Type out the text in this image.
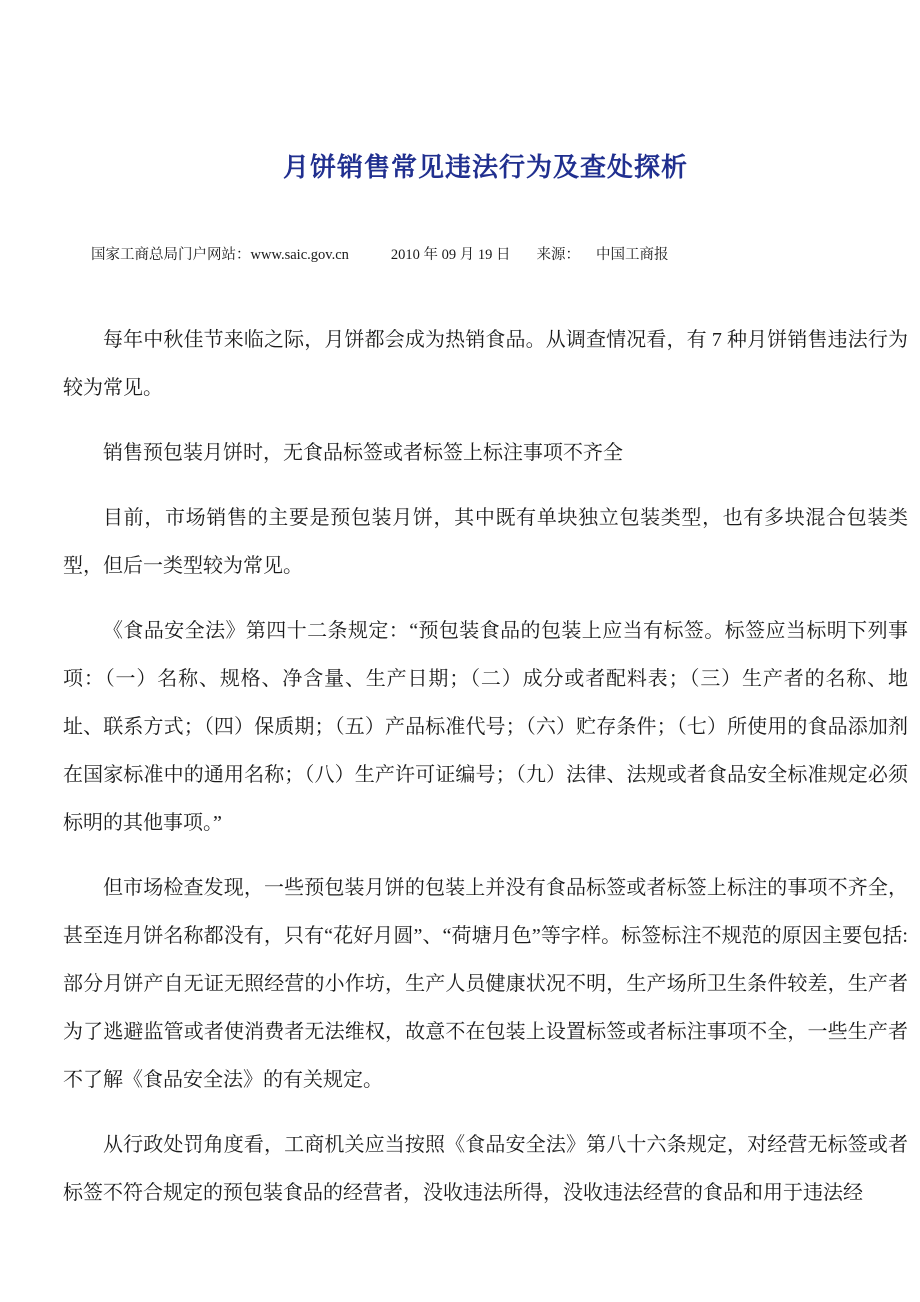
月饼销售常见违法行为及查处探析
国家工商总局门户网站：www.saic.gov.cn	2010 年 09 月 19 日 来源： 中国工商报

每年中秋佳节来临之际，月饼都会成为热销食品。从调查情况看，有 7 种月饼销售违法行为较为常见。

销售预包装月饼时，无食品标签或者标签上标注事项不齐全

目前，市场销售的主要是预包装月饼，其中既有单块独立包装类型，也有多块混合包装类型，但后一类型较为常见。

《食品安全法》第四十二条规定：“预包装食品的包装上应当有标签。标签应当标明下列事项：（一）名称、规格、净含量、生产日期；（二）成分或者配料表；（三）生产者的名称、地址、联系方式；（四）保质期；（五）产品标准代号；（六）贮存条件；（七）所使用的食品添加剂在国家标准中的通用名称；（八）生产许可证编号；（九）法律、法规或者食品安全标准规定必须标明的其他事项。”

但市场检查发现，一些预包装月饼的包装上并没有食品标签或者标签上标注的事项不齐全，甚至连月饼名称都没有，只有“花好月圆”、“荷塘月色”等字样。标签标注不规范的原因主要包括: 部分月饼产自无证无照经营的小作坊，生产人员健康状况不明，生产场所卫生条件较差，生产者为了逃避监管或者使消费者无法维权，故意不在包装上设置标签或者标注事项不全，一些生产者不了解《食品安全法》的有关规定。

从行政处罚角度看，工商机关应当按照《食品安全法》第八十六条规定，对经营无标签或者标签不符合规定的预包装食品的经营者，没收违法所得，没收违法经营的食品和用于违法经
